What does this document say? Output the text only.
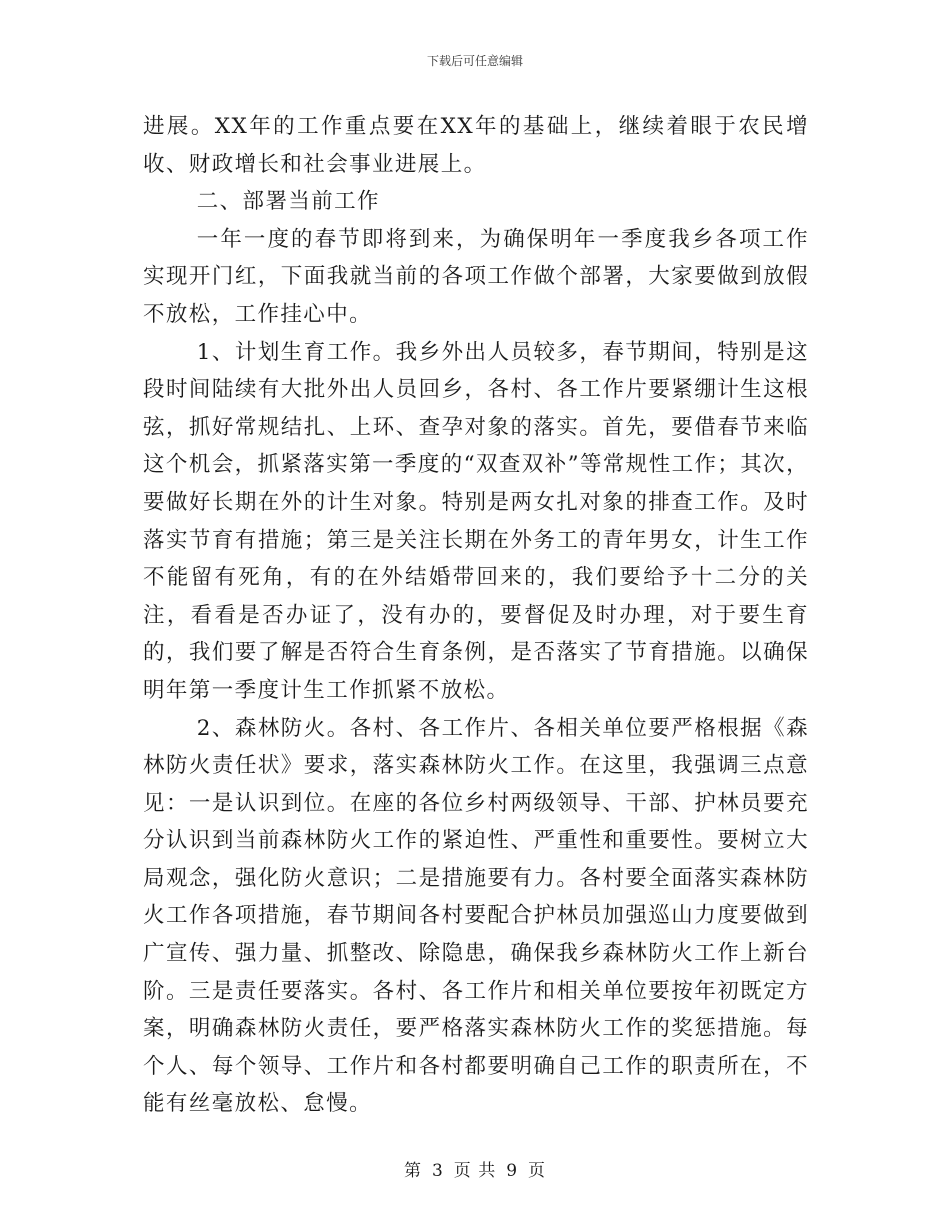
下载后可任意编辑

进展。XX年的工作重点要在XX年的基础上，继续着眼于农民增收、财政增长和社会事业进展上。

二、部署当前工作

一年一度的春节即将到来，为确保明年一季度我乡各项工作实现开门红，下面我就当前的各项工作做个部署，大家要做到放假不放松，工作挂心中。

1、计划生育工作。我乡外出人员较多，春节期间，特别是这段时间陆续有大批外出人员回乡，各村、各工作片要紧绷计生这根弦，抓好常规结扎、上环、查孕对象的落实。首先，要借春节来临这个机会，抓紧落实第一季度的“双查双补”等常规性工作；其次，要做好长期在外的计生对象。特别是两女扎对象的排查工作。及时落实节育有措施；第三是关注长期在外务工的青年男女，计生工作不能留有死角，有的在外结婚带回来的，我们要给予十二分的关注，看看是否办证了，没有办的，要督促及时办理，对于要生育的，我们要了解是否符合生育条例，是否落实了节育措施。以确保明年第一季度计生工作抓紧不放松。

2、森林防火。各村、各工作片、各相关单位要严格根据《森林防火责任状》要求，落实森林防火工作。在这里，我强调三点意见：一是认识到位。在座的各位乡村两级领导、干部、护林员要充分认识到当前森林防火工作的紧迫性、严重性和重要性。要树立大局观念，强化防火意识；二是措施要有力。各村要全面落实森林防火工作各项措施，春节期间各村要配合护林员加强巡山力度要做到广宣传、强力量、抓整改、除隐患，确保我乡森林防火工作上新台阶。三是责任要落实。各村、各工作片和相关单位要按年初既定方案，明确森林防火责任，要严格落实森林防火工作的奖惩措施。每个人、每个领导、工作片和各村都要明确自己工作的职责所在，不能有丝毫放松、怠慢。

第 3 页 共 9 页
